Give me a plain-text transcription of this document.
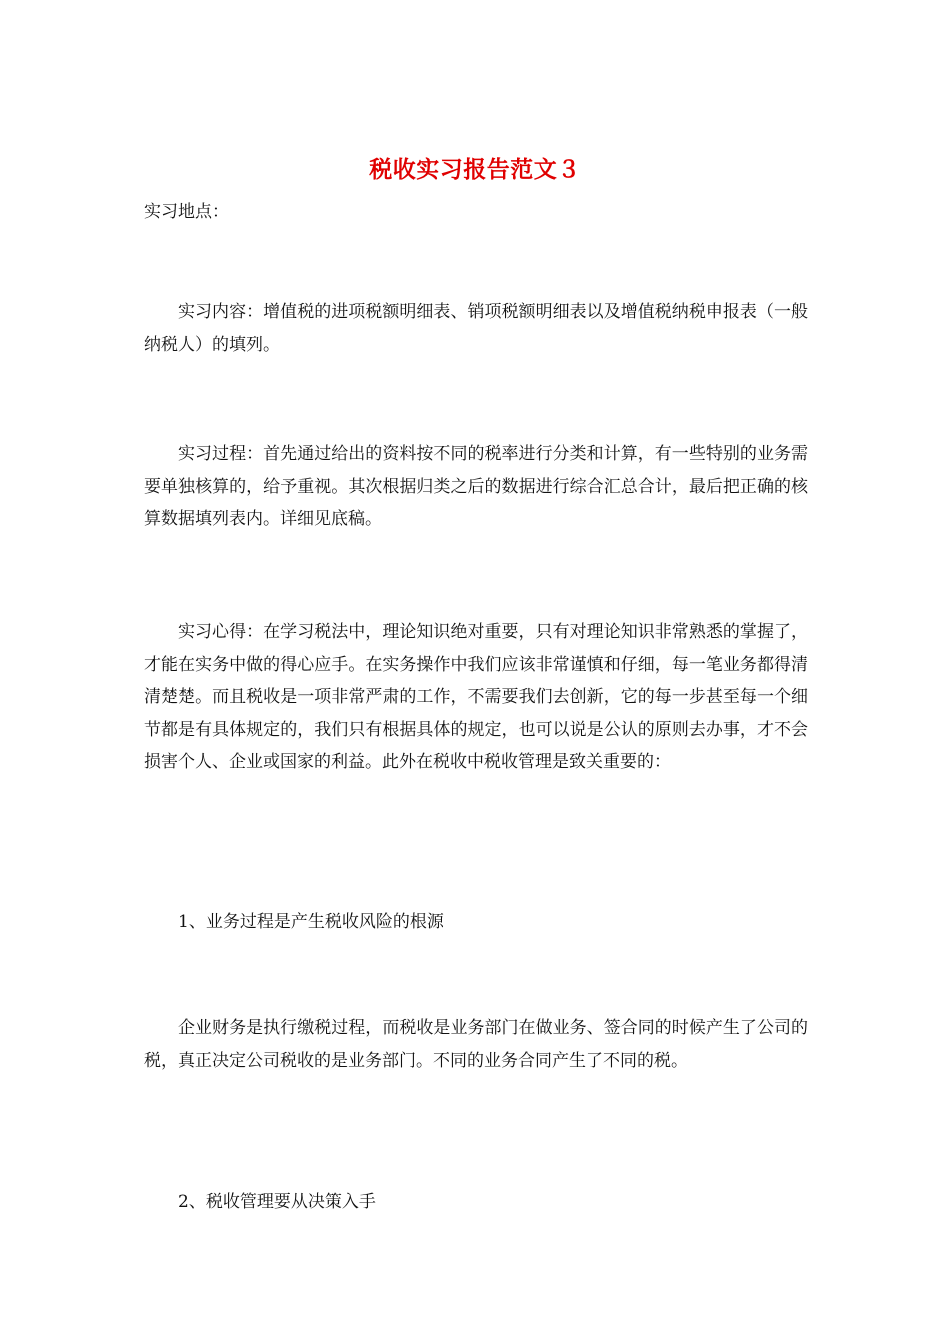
税收实习报告范文３

实习地点：

实习内容：增值税的进项税额明细表、销项税额明细表以及增值税纳税申报表（一般纳税人）的填列。

实习过程：首先通过给出的资料按不同的税率进行分类和计算，有一些特别的业务需要单独核算的，给予重视。其次根据归类之后的数据进行综合汇总合计，最后把正确的核算数据填列表内。详细见底稿。

实习心得：在学习税法中，理论知识绝对重要，只有对理论知识非常熟悉的掌握了，才能在实务中做的得心应手。在实务操作中我们应该非常谨慎和仔细，每一笔业务都得清清楚楚。而且税收是一项非常严肃的工作，不需要我们去创新，它的每一步甚至每一个细节都是有具体规定的，我们只有根据具体的规定，也可以说是公认的原则去办事，才不会损害个人、企业或国家的利益。此外在税收中税收管理是致关重要的：

1、业务过程是产生税收风险的根源

企业财务是执行缴税过程，而税收是业务部门在做业务、签合同的时候产生了公司的税，真正决定公司税收的是业务部门。不同的业务合同产生了不同的税。

2、税收管理要从决策入手
